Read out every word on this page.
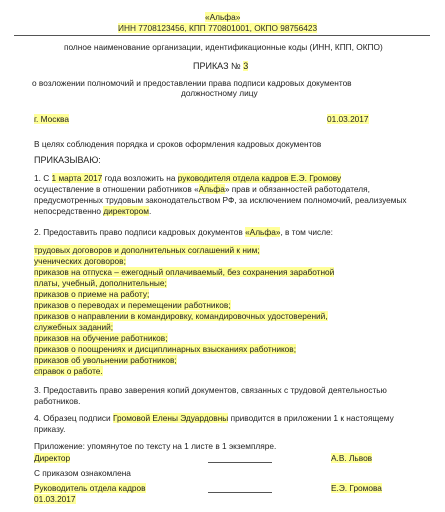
«Альфа»
ИНН 7708123456, КПП 770801001, ОКПО 98756423
полное наименование организации, идентификационные коды (ИНН, КПП, ОКПО)
ПРИКАЗ № 3
о возложении полномочий и предоставлении права подписи кадровых документов
должностному лицу
г. Москва	01.03.2017
В целях соблюдения порядка и сроков оформления кадровых документов
ПРИКАЗЫВАЮ:
1. С 1 марта 2017 года возложить на руководителя отдела кадров Е.Э. Громову
осуществление в отношении работников «Альфа» прав и обязанностей работодателя,
предусмотренных трудовым законодательством РФ, за исключением полномочий, реализуемых
непосредственно директором.
2. Предоставить право подписи кадровых документов «Альфа», в том числе:
трудовых договоров и дополнительных соглашений к ним;
ученических договоров;
приказов на отпуска – ежегодный оплачиваемый, без сохранения заработной
платы, учебный, дополнительные;
приказов о приеме на работу;
приказов о переводах и перемещении работников;
приказов о направлении в командировку, командировочных удостоверений,
служебных заданий;
приказов на обучение работников;
приказов о поощрениях и дисциплинарных взысканиях работников;
приказов об увольнении работников;
справок о работе.
3. Предоставить право заверения копий документов, связанных с трудовой деятельностью
работников.
4. Образец подписи Громовой Елены Эдуардовны приводится в приложении 1 к настоящему
приказу.
Приложение: упомянутое по тексту на 1 листе в 1 экземпляре.
Директор	А.В. Львов
С приказом ознакомлена
Руководитель отдела кадров	Е.Э. Громова
01.03.2017
